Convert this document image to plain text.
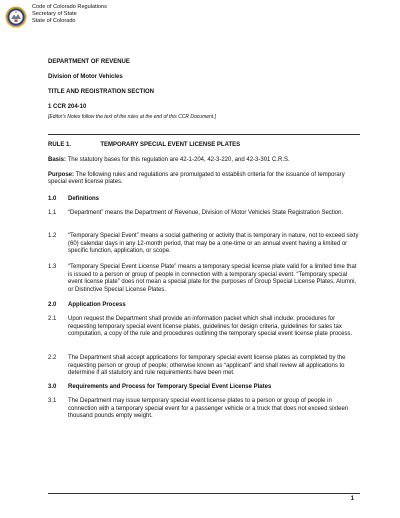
Code of Colorado Regulations
Secretary of State
State of Colorado
DEPARTMENT OF REVENUE
Division of Motor Vehicles
TITLE AND REGISTRATION SECTION
1 CCR 204-10
[Editor's Notes follow the text of the rules at the end of this CCR Document.]
RULE 1.	TEMPORARY SPECIAL EVENT LICENSE PLATES
Basis: The statutory bases for this regulation are 42-1-204, 42-3-220, and 42-3-301 C.R.S.
Purpose: The following rules and regulations are promulgated to establish criteria for the issuance of temporary special event license plates.
1.0	Definitions
1.1	“Department” means the Department of Revenue, Division of Motor Vehicles State Registration Section.
1.2	“Temporary Special Event” means a social gathering or activity that is temporary in nature, not to exceed sixty (60) calendar days in any 12-month period, that may be a one-time or an annual event having a limited or specific function, application, or scope.
1.3	“Temporary Special Event License Plate” means a temporary special license plate valid for a limited time that is issued to a person or group of people in connection with a temporary special event. “Temporary special event license plate” does not mean a special plate for the purposes of Group Special License Plates, Alumni, or Distinctive Special License Plates.
2.0	Application Process
2.1	Upon request the Department shall provide an information packet which shall include: procedures for requesting temporary special event license plates, guidelines for design criteria, guidelines for sales tax computation, a copy of the rule and procedures outlining the temporary special event license plate process.
2.2	The Department shall accept applications for temporary special event license plates as completed by the requesting person or group of people; otherwise known as “applicant” and shall review all applications to determine if all statutory and rule requirements have been met.
3.0	Requirements and Process for Temporary Special Event License Plates
3.1	The Department may issue temporary special event license plates to a person or group of people in connection with a temporary special event for a passenger vehicle or a truck that does not exceed sixteen thousand pounds empty weight.
1
